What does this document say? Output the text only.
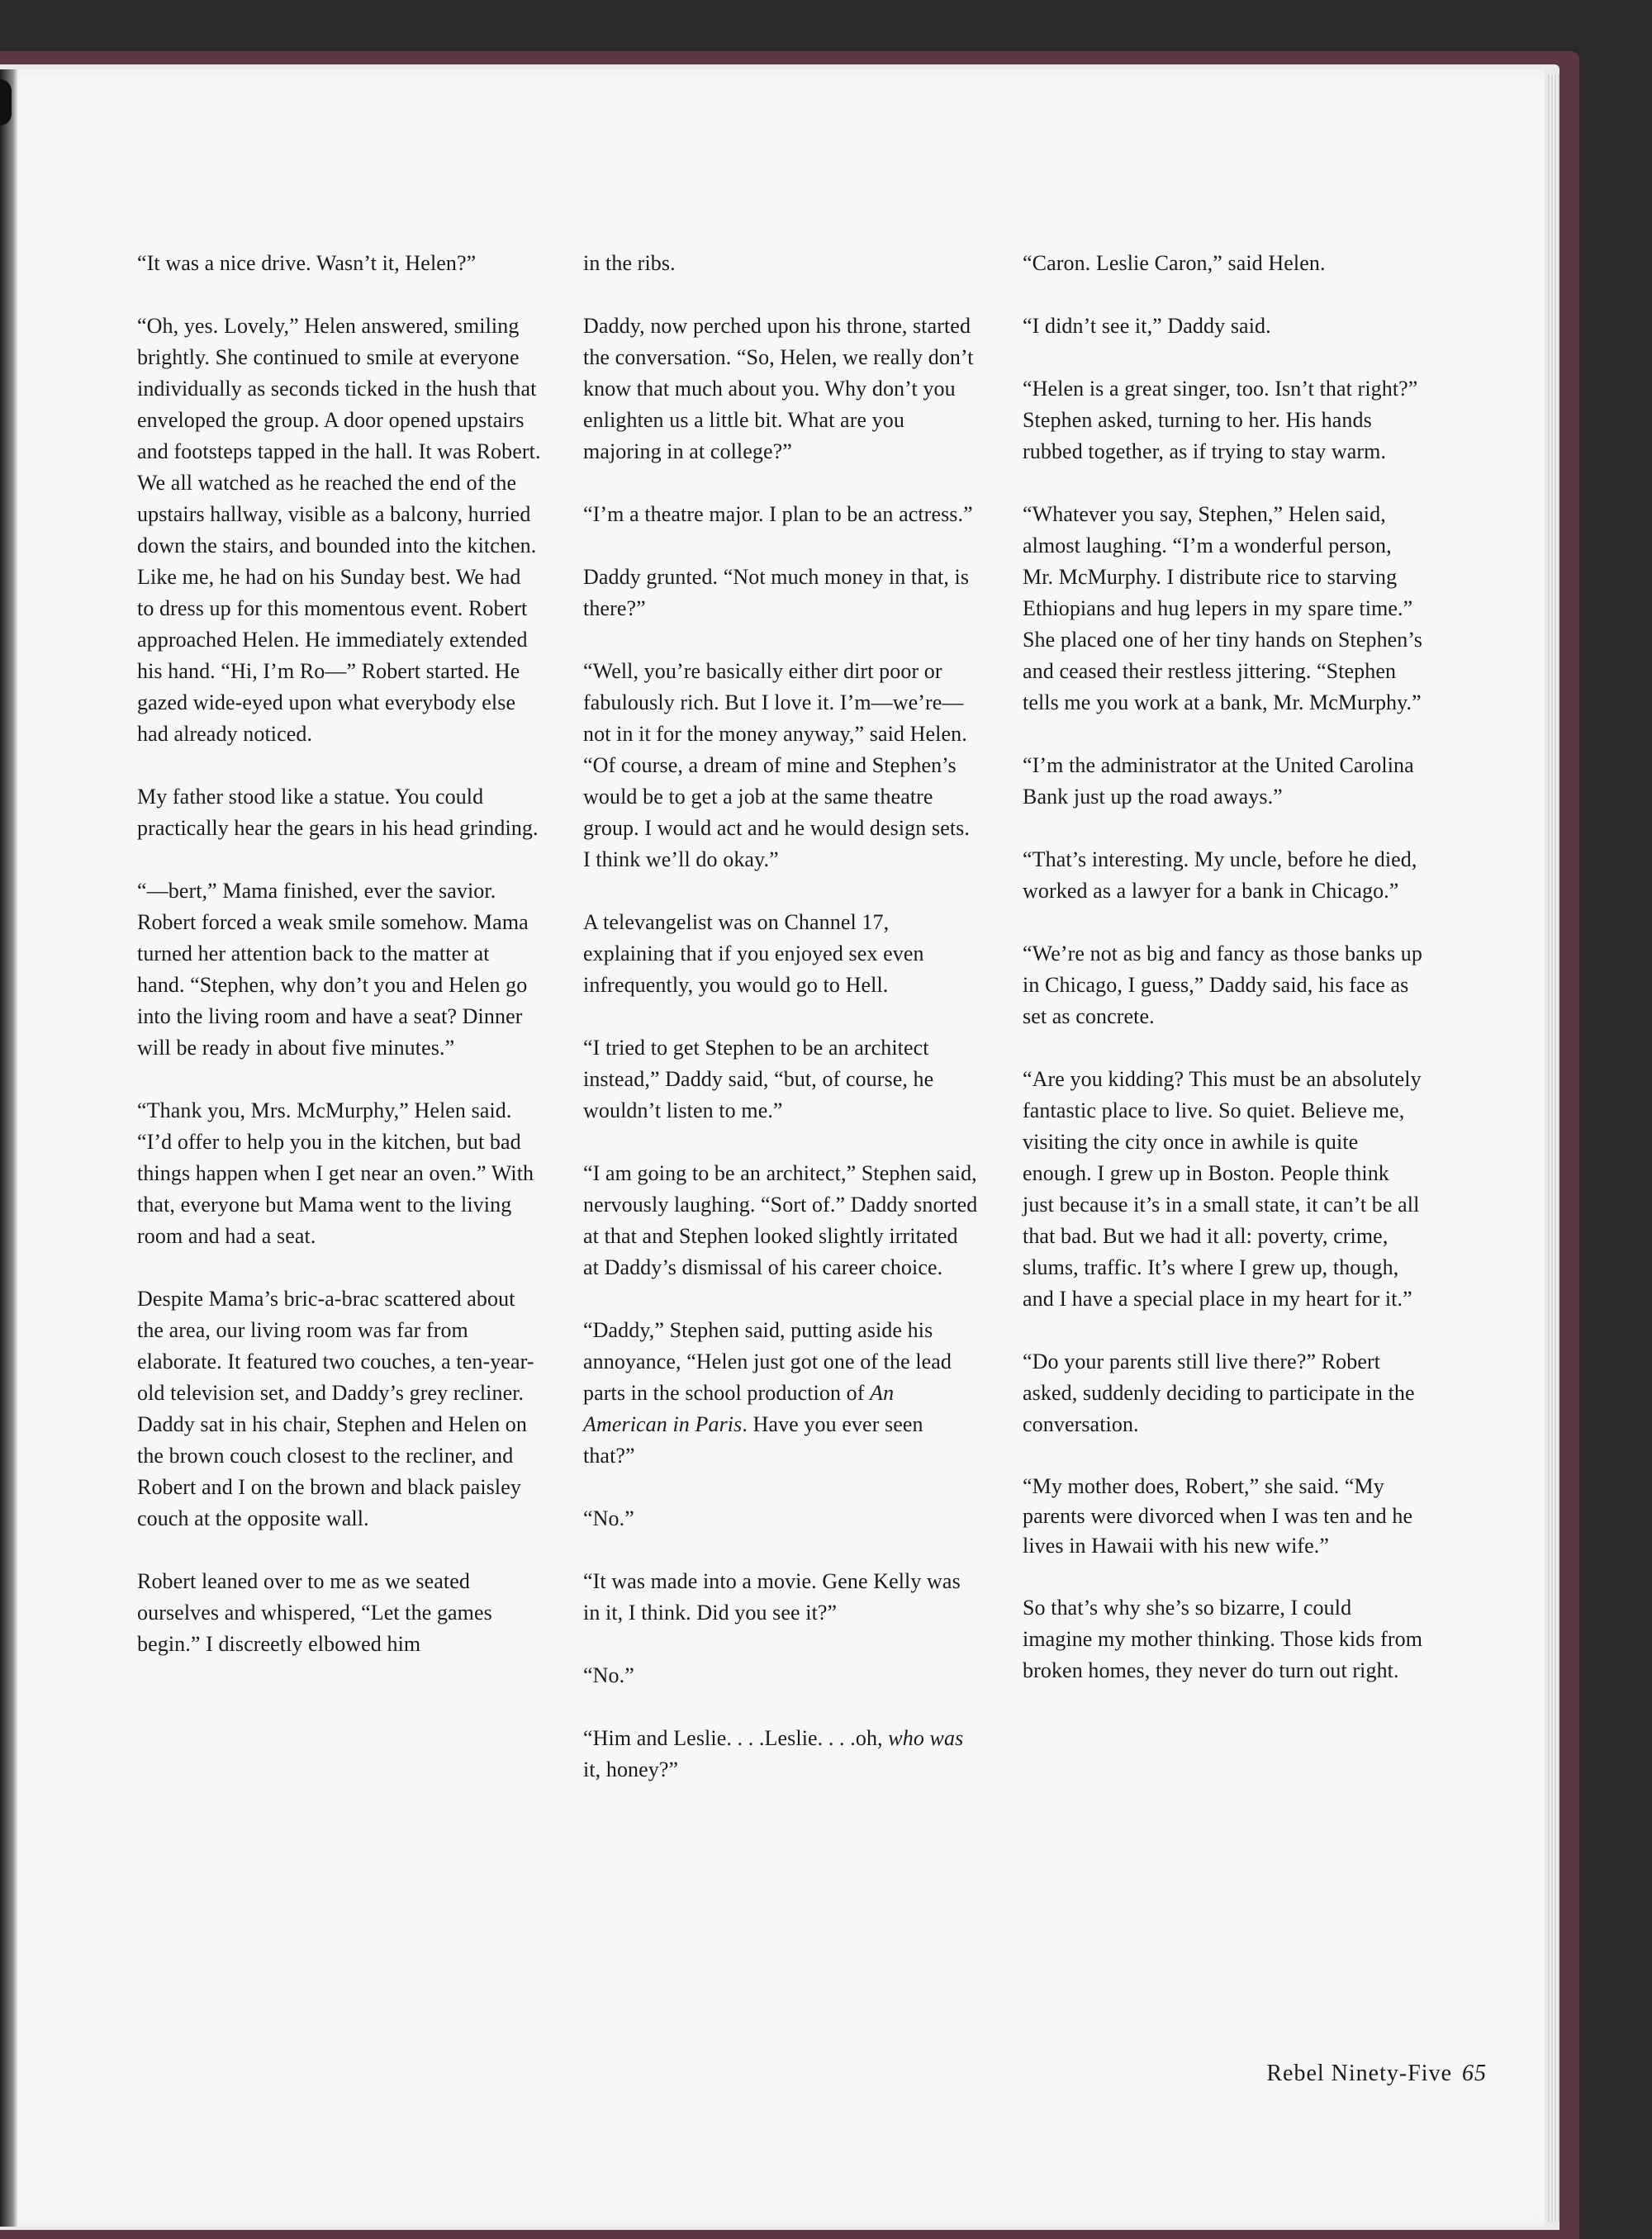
“It was a nice drive. Wasn’t it, Helen?”

“Oh, yes. Lovely,” Helen answered, smiling brightly. She continued to smile at everyone individually as seconds ticked in the hush that enveloped the group. A door opened upstairs and footsteps tapped in the hall. It was Robert. We all watched as he reached the end of the upstairs hallway, visible as a balcony, hurried down the stairs, and bounded into the kitchen. Like me, he had on his Sunday best. We had to dress up for this momentous event. Robert approached Helen. He immediately extended his hand. “Hi, I’m Ro—” Robert started. He gazed wide-eyed upon what everybody else had already noticed.

My father stood like a statue. You could practically hear the gears in his head grinding.

“—bert,” Mama finished, ever the savior. Robert forced a weak smile somehow. Mama turned her attention back to the matter at hand. “Stephen, why don’t you and Helen go into the living room and have a seat? Dinner will be ready in about five minutes.”

“Thank you, Mrs. McMurphy,” Helen said. “I’d offer to help you in the kitchen, but bad things happen when I get near an oven.” With that, everyone but Mama went to the living room and had a seat.

Despite Mama’s bric-a-brac scattered about the area, our living room was far from elaborate. It featured two couches, a ten-year-old television set, and Daddy’s grey recliner. Daddy sat in his chair, Stephen and Helen on the brown couch closest to the recliner, and Robert and I on the brown and black paisley couch at the opposite wall.

Robert leaned over to me as we seated ourselves and whispered, “Let the games begin.” I discreetly elbowed him

in the ribs.

Daddy, now perched upon his throne, started the conversation. “So, Helen, we really don’t know that much about you. Why don’t you enlighten us a little bit. What are you majoring in at college?”

“I’m a theatre major. I plan to be an actress.”

Daddy grunted. “Not much money in that, is there?”

“Well, you’re basically either dirt poor or fabulously rich. But I love it. I’m—we’re—not in it for the money anyway,” said Helen. “Of course, a dream of mine and Stephen’s would be to get a job at the same theatre group. I would act and he would design sets. I think we’ll do okay.”

A televangelist was on Channel 17, explaining that if you enjoyed sex even infrequently, you would go to Hell.

“I tried to get Stephen to be an architect instead,” Daddy said, “but, of course, he wouldn’t listen to me.”

“I am going to be an architect,” Stephen said, nervously laughing. “Sort of.” Daddy snorted at that and Stephen looked slightly irritated at Daddy’s dismissal of his career choice.

“Daddy,” Stephen said, putting aside his annoyance, “Helen just got one of the lead parts in the school production of An American in Paris. Have you ever seen that?”

“No.”

“It was made into a movie. Gene Kelly was in it, I think. Did you see it?”

“No.”

“Him and Leslie. . . .Leslie. . . .oh, who was it, honey?”

“Caron. Leslie Caron,” said Helen.

“I didn’t see it,” Daddy said.

“Helen is a great singer, too. Isn’t that right?” Stephen asked, turning to her. His hands rubbed together, as if trying to stay warm.

“Whatever you say, Stephen,” Helen said, almost laughing. “I’m a wonderful person, Mr. McMurphy. I distribute rice to starving Ethiopians and hug lepers in my spare time.” She placed one of her tiny hands on Stephen’s and ceased their restless jittering. “Stephen tells me you work at a bank, Mr. McMurphy.”

“I’m the administrator at the United Carolina Bank just up the road aways.”

“That’s interesting. My uncle, before he died, worked as a lawyer for a bank in Chicago.”

“We’re not as big and fancy as those banks up in Chicago, I guess,” Daddy said, his face as set as concrete.

“Are you kidding? This must be an absolutely fantastic place to live. So quiet. Believe me, visiting the city once in awhile is quite enough. I grew up in Boston. People think just because it’s in a small state, it can’t be all that bad. But we had it all: poverty, crime, slums, traffic. It’s where I grew up, though, and I have a special place in my heart for it.”

“Do your parents still live there?” Robert asked, suddenly deciding to participate in the conversation.

“My mother does, Robert,” she said. “My parents were divorced when I was ten and he lives in Hawaii with his new wife.”

So that’s why she’s so bizarre, I could imagine my mother thinking. Those kids from broken homes, they never do turn out right.

Rebel Ninety-Five 65
